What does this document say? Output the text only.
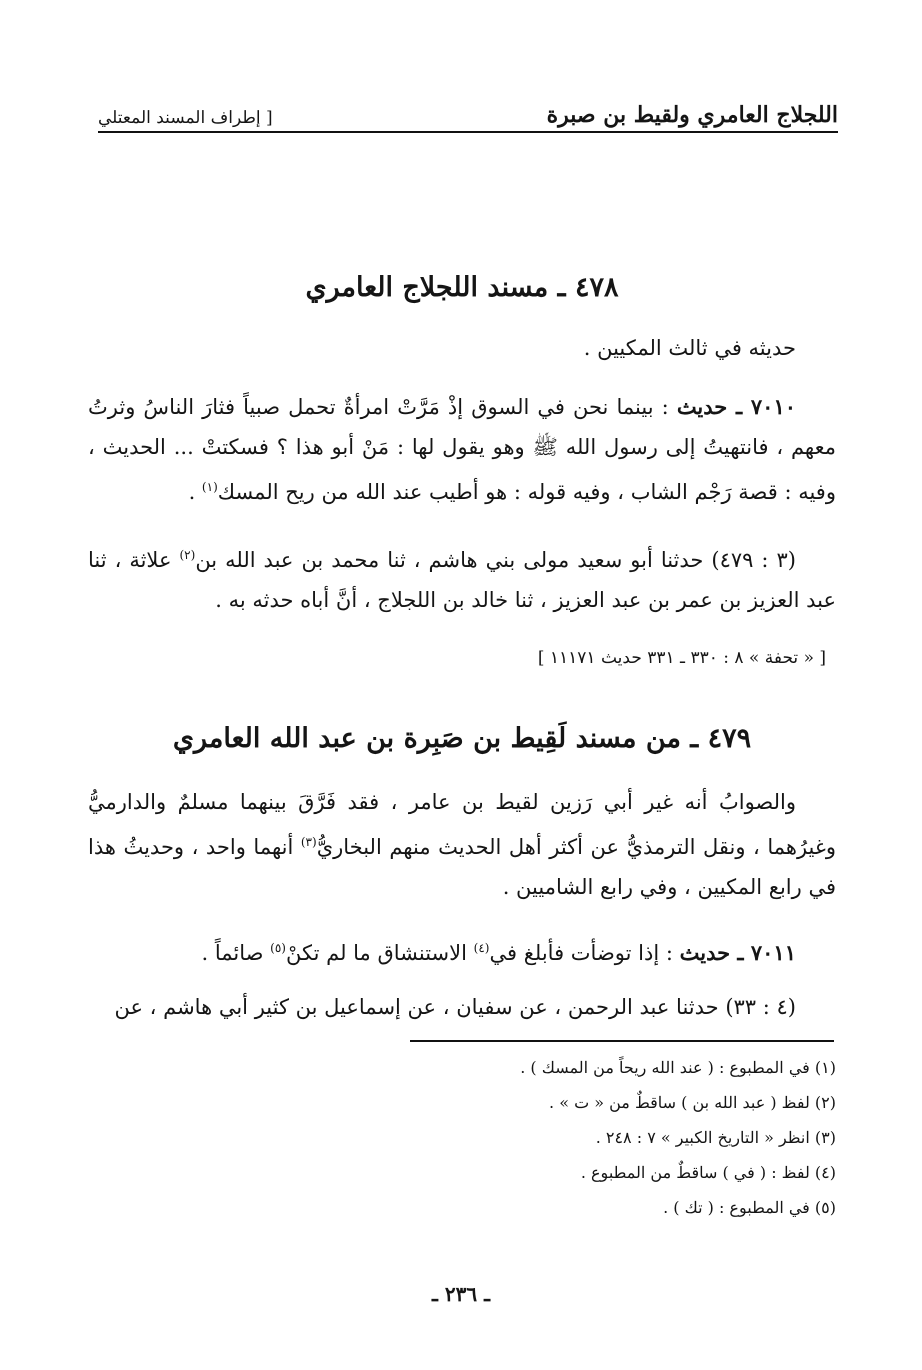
اللجلاج العامري ولقيط بن صبرة
[ إطراف المسند المعتلي
٤٧٨ ـ مسند اللجلاج العامري
حديثه في ثالث المكيين .
٧٠١٠ ـ حديث : بينما نحن في السوق إذْ مَرَّتْ امرأةٌ تحمل صبياً فثارَ الناسُ وثرتُ معهم ، فانتهيتُ إلى رسول الله ﷺ وهو يقول لها : مَنْ أبو هذا ؟ فسكتتْ ... الحديث ، وفيه : قصة رَجْم الشاب ، وفيه قوله : هو أطيب عند الله من ريح المسك$^{(١)}$ .
(٣ : ٤٧٩) حدثنا أبو سعيد مولى بني هاشم ، ثنا محمد بن عبد الله بن$^{(٢)}$ علاثة ، ثنا عبد العزيز بن عمر بن عبد العزيز ، ثنا خالد بن اللجلاج ، أنَّ أباه حدثه به .
[ « تحفة » ٨ : ٣٣٠ ـ ٣٣١ حديث ١١١٧١ ]
٤٧٩ ـ من مسند لَقِيط بن صَبِرة بن عبد الله العامري
والصوابُ أنه غير أبي رَزين لقيط بن عامر ، فقد فَرَّقَ بينهما مسلمٌ والدارميُّ وغيرُهما ، ونقل الترمذيُّ عن أكثر أهل الحديث منهم البخاريُّ$^{(٣)}$ أنهما واحد ، وحديثُ هذا في رابع المكيين ، وفي رابع الشاميين .
٧٠١١ ـ حديث : إذا توضأت فأبلغ في$^{(٤)}$ الاستنشاق ما لم تكنْ$^{(٥)}$ صائماً .
(٤ : ٣٣) حدثنا عبد الرحمن ، عن سفيان ، عن إسماعيل بن كثير أبي هاشم ، عن
(١) في المطبوع : ( عند الله ريحاً من المسك ) .
(٢) لفظ ( عبد الله بن ) ساقطٌ من « ت » .
(٣) انظر « التاريخ الكبير » ٧ : ٢٤٨ .
(٤) لفظ : ( في ) ساقطٌ من المطبوع .
(٥) في المطبوع : ( تك ) .
ـ ٢٣٦ ـ
